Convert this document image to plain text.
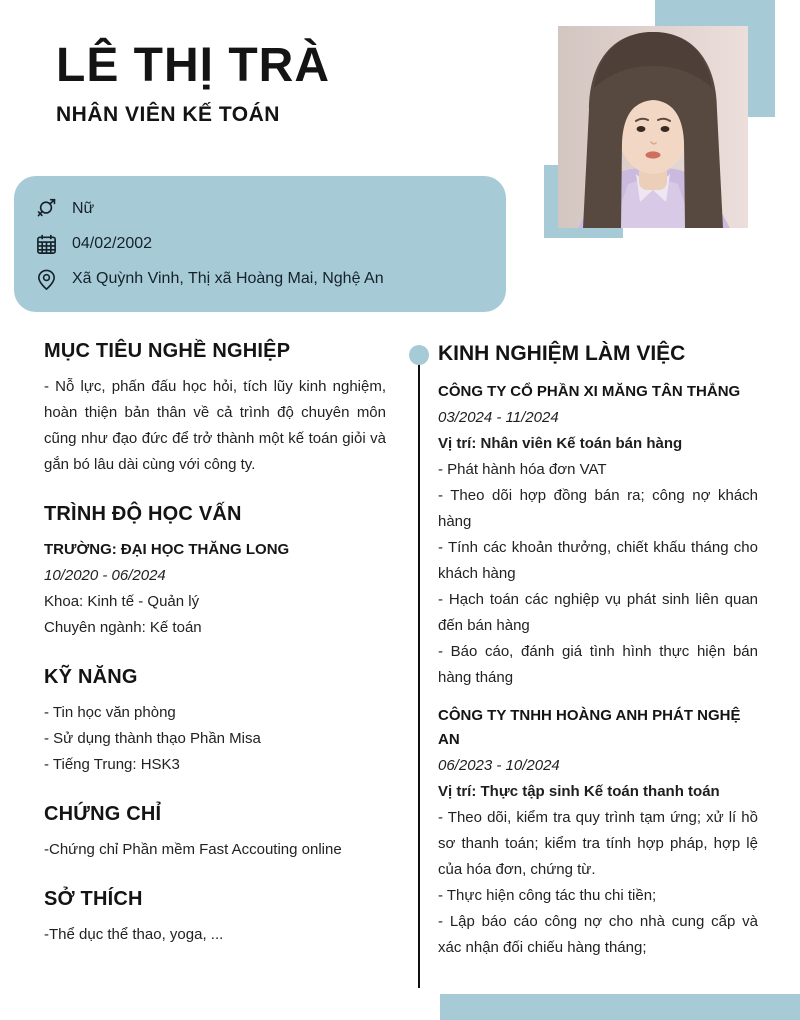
LÊ THỊ TRÀ
NHÂN VIÊN KẾ TOÁN
Nữ
04/02/2002
Xã Quỳnh Vinh, Thị xã Hoàng Mai, Nghệ An
MỤC TIÊU NGHỀ NGHIỆP

- Nỗ lực, phấn đấu học hỏi, tích lũy kinh nghiệm, hoàn thiện bản thân về cả trình độ chuyên môn cũng như đạo đức để trở thành một kế toán giỏi và gắn bó lâu dài cùng với công ty.

TRÌNH ĐỘ HỌC VẤN
TRƯỜNG: ĐẠI HỌC THĂNG LONG
10/2020 - 06/2024
Khoa: Kinh tế - Quản lý
Chuyên ngành: Kế toán
KỸ NĂNG
- Tin học văn phòng
- Sử dụng thành thạo Phần Misa
- Tiếng Trung: HSK3
CHỨNG CHỈ
-Chứng chỉ Phần mềm Fast Accouting online
SỞ THÍCH
-Thể dục thể thao, yoga, ...
KINH NGHIỆM LÀM VIỆC
CÔNG TY CỔ PHẦN XI MĂNG TÂN THẮNG
03/2024 - 11/2024
Vị trí: Nhân viên Kế toán bán hàng
- Phát hành hóa đơn VAT
- Theo dõi hợp đồng bán ra; công nợ khách hàng
- Tính các khoản thưởng, chiết khấu tháng cho khách hàng
- Hạch toán các nghiệp vụ phát sinh liên quan đến bán hàng
- Báo cáo, đánh giá tình hình thực hiện bán hàng tháng
CÔNG TY TNHH HOÀNG ANH PHÁT NGHỆ AN
06/2023 - 10/2024
Vị trí: Thực tập sinh Kế toán thanh toán
- Theo dõi, kiểm tra quy trình tạm ứng; xử lí hồ sơ thanh toán; kiểm tra tính hợp pháp, hợp lệ của hóa đơn, chứng từ.
- Thực hiện công tác thu chi tiền;
- Lập báo cáo công nợ cho nhà cung cấp và xác nhận đối chiếu hàng tháng;
